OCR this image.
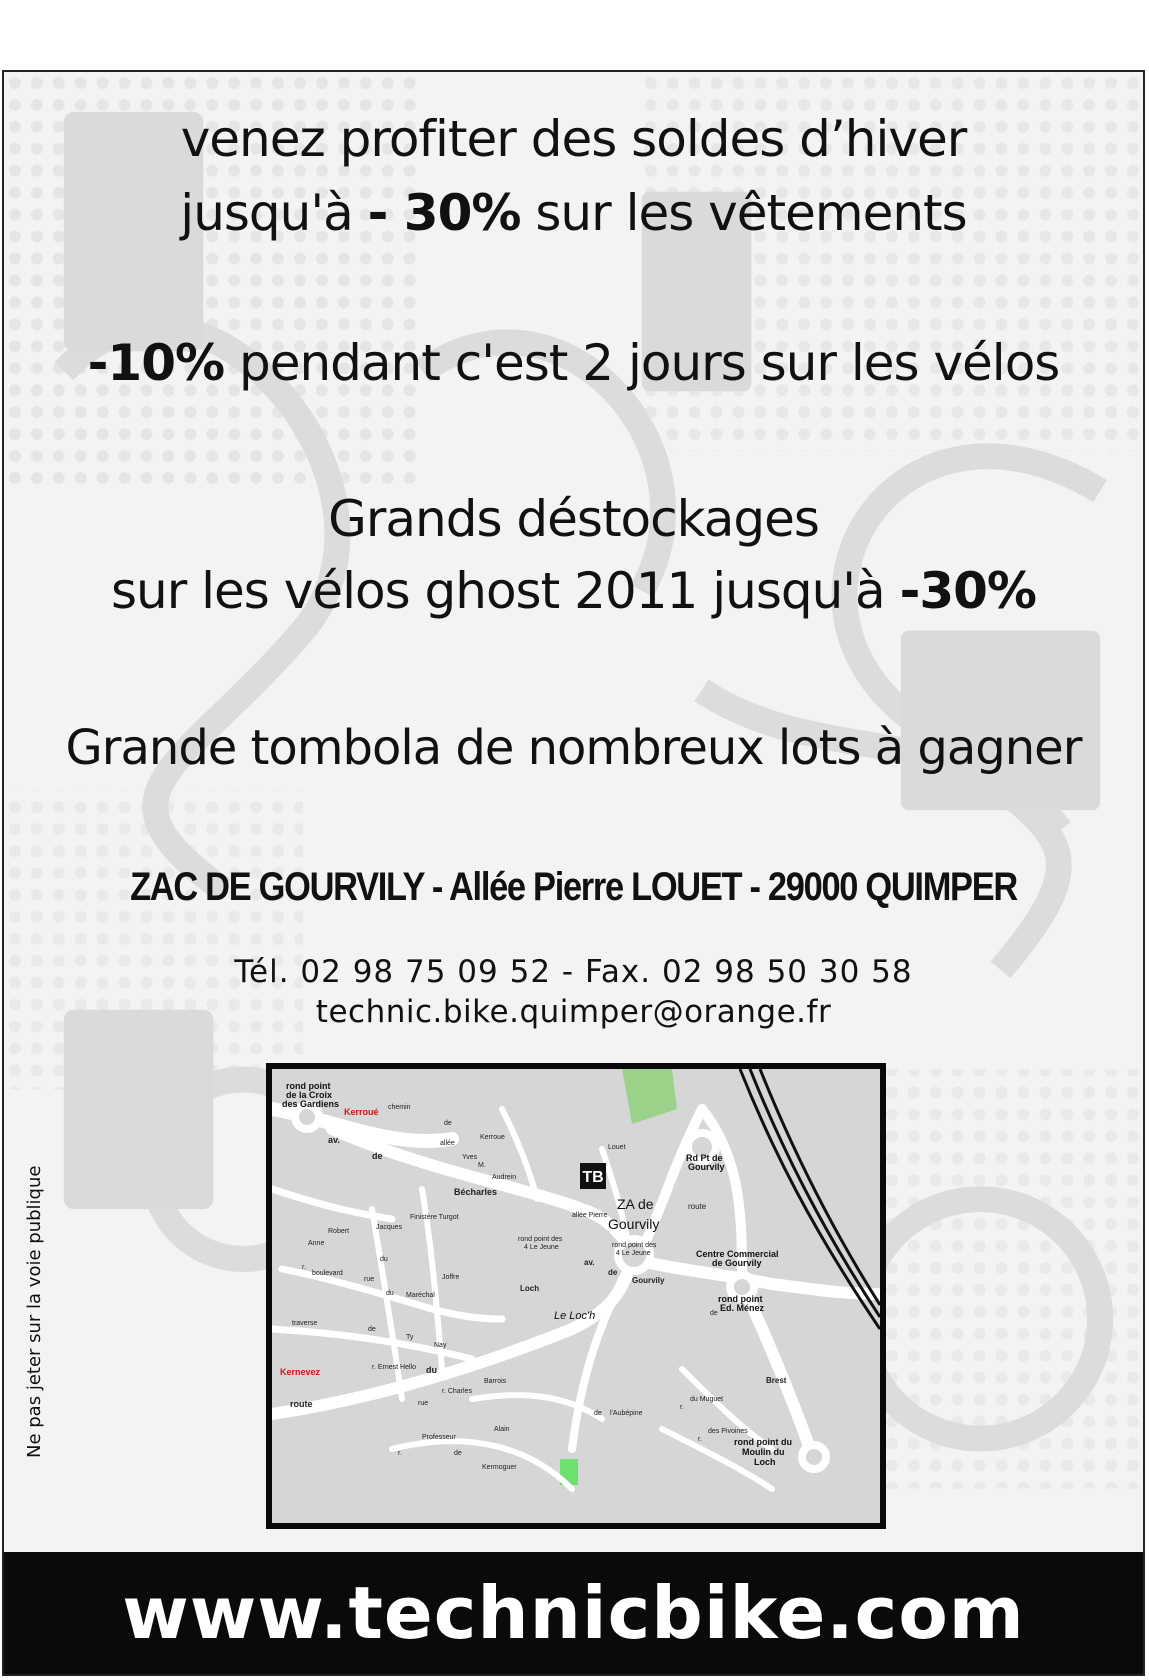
venez profiter des soldes d’hiver
jusqu'à - 30% sur les vêtements
-10% pendant c'est 2 jours sur les vélos
Grands déstockages
sur les vélos ghost 2011 jusqu'à -30%
Grande tombola de nombreux lots à gagner
ZAC DE GOURVILY - Allée Pierre LOUET - 29000 QUIMPER
Tél. 02 98 75 09 52 - Fax. 02 98 50 30 58
technic.bike.quimper@orange.fr
Ne pas jeter sur la voie publique	TB
rond point
de la Croix
des Gardiens
Rd Pt de
Gourvily
Centre Commercial
de Gourvily
rond point
Ed. Ménez
rond point du
Moulin du
Loch
ZA de
Gourvily
Le Loc'h
Kerroué
Kernevez
chemin
de
Kerroue
av.
de
Bécharles
allée
Yves
M.
Audrein
allée Pierre
Louet
route
rond point des
4 Le Jeune	rond point des
4 Le Jeune
av.
de
Gourvily
Loch
de
Robert
Jacques
Finistère Turgot
Anne
r.
boulevard
du
rue
du Maréchal
Joffre
traverse
de
Ty
Nay
r. Ernest Hello du
route	rue
r. Charles
Barrois
Alain
Professeur
r.	de
Kermoguer
de l'Aubépine
r.
du Muguet
r.
des Pivoines
Brest
www.technicbike.com
